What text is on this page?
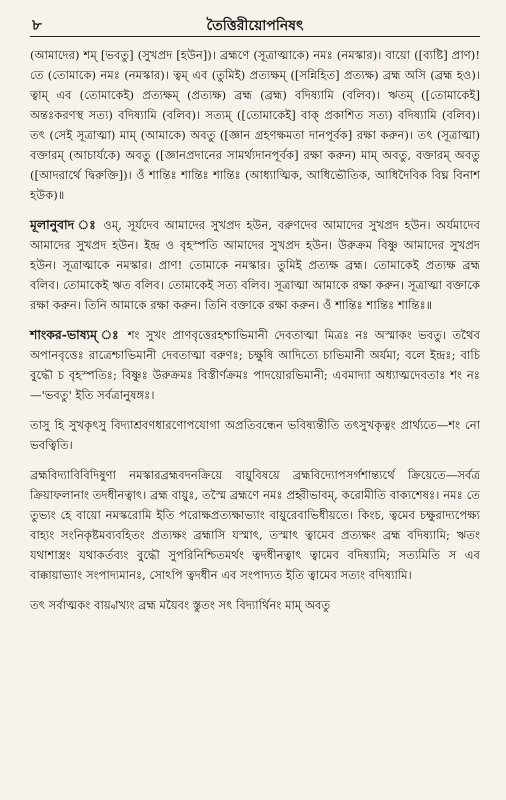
৮	তৈত্তিরীয়োপনিষৎ

(আমাদের) শম্ [ভবতু] (সুখপ্রদ [হউন])। ব্রহ্মণে (সূত্রাত্মাকে) নমঃ (নমস্কার)। বায়ো ([ব্যষ্টি] প্রাণ)! তে (তোমাকে) নমঃ (নমস্কার)। ত্বম্ এব (তুমিই) প্রত্যক্ষম্ ([সন্নিহিত] প্রত্যক্ষ) ব্রহ্ম অসি (ব্রহ্ম হও)। ত্বাম্ এব (তোমাকেই) প্রত্যক্ষম্ (প্রত্যক্ষ) ব্রহ্ম (ব্রহ্ম) বদিষ্যামি (বলিব)। ঋতম্ ([তোমাকেই] অন্তঃকরণস্থ সত্য) বদিষ্যামি (বলিব)। সত্যম্ ([তোমাকেই] বাক্ প্রকাশিত সত্য) বদিষ্যামি (বলিব)। তৎ (সেই সূত্রাত্মা) মাম্ (আমাকে) অবতু ([জ্ঞান গ্রহণক্ষমতা দানপূর্বক] রক্ষা করুন)। তৎ (সূত্রাত্মা) বক্তারম্ (আচার্যকে) অবতু ([জ্ঞানপ্রদানের সামর্থ্যদানপূর্বক] রক্ষা করুন) মাম্ অবতু, বক্তারম্ অবতু ([আদরার্থে দ্বিরুক্তি])। ওঁ শান্তিঃ শান্তিঃ শান্তিঃ (আধ্যাত্মিক, আধিভৌতিক, আধিদৈবিক বিঘ্ন বিনাশ হউক)॥

মূলানুবাদ ঃ ওম্, সূর্যদেব আমাদের সুখপ্রদ হউন, বরুণদেব আমাদের সুখপ্রদ হউন। অর্যমাদেব আমাদের সুখপ্রদ হউন। ইন্দ্র ও বৃহস্পতি আমাদের সুখপ্রদ হউন। উরুক্রম বিষ্ণু আমাদের সুখপ্রদ হউন। সূত্রাত্মাকে নমস্কার। প্রাণ! তোমাকে নমস্কার। তুমিই প্রত্যক্ষ ব্রহ্ম। তোমাকেই প্রত্যক্ষ ব্রহ্ম বলিব। তোমাকেই ঋত বলিব। তোমাকেই সত্য বলিব। সূত্রাত্মা আমাকে রক্ষা করুন। সূত্রাত্মা বক্তাকে রক্ষা করুন। তিনি আমাকে রক্ষা করুন। তিনি বক্তাকে রক্ষা করুন। ওঁ শান্তিঃ শান্তিঃ শান্তিঃ॥

শাংকর-ভাষ্যম্ ঃ শং সুখং প্রাণবৃত্তেরহশ্চাভিমানী দেবতাত্মা মিত্রঃ নঃ অস্মাকং ভবতু। তথৈব অপানবৃত্তেঃ রাত্রেশ্চাভিমানী দেবতাত্মা বরুণঃ; চক্ষুষি আদিত্যে চাভিমানী অর্যমা; বলে ইন্দ্রঃ; বাচি বুদ্ধৌ চ বৃহস্পতিঃ; বিষ্ণুঃ উরুক্রমঃ বিস্তীর্ণক্রমঃ পাদয়োরভিমানী; এবমাদ্যা অধ্যাত্মদেবতাঃ শং নঃ—'ভবতু' ইতি সর্বত্রানুষঙ্গঃ।

তাসু হি সুখকৃৎসু বিদ্যাশ্রবণধারণোপযোগা অপ্রতিবন্ধেন ভবিষ্যন্তীতি তৎসুখকৃত্বং প্রার্থ্যতে—শং নো ভবত্বিতি।

ব্রহ্মবিদ্যাবিবিদিষুণা নমস্কারব্রহ্মবদনক্রিয়ে বায়ুবিষয়ে ব্রহ্মবিদ্যোপসর্গশান্ত্যর্থে ক্রিয়েতে—সর্বত্র ক্রিয়াফলানাং তদধীনত্বাৎ। ব্রহ্ম বায়ুঃ, তস্মৈ ব্রহ্মণে নমঃ প্রহ্বীভাবম্, করোমীতি বাক্যশেষঃ। নমঃ তে তুভ্যং হে বায়ো নমস্করোমি ইতি পরোক্ষপ্রত্যক্ষাভ্যাং বায়ুরেবাভিধীয়তে। কিংচ, ত্বমেব চক্ষুরাদ্যপেক্ষ্য বাহ্যং সংনিকৃষ্টমব্যবহিতং প্রত্যক্ষং ব্রহ্মাসি যস্মাৎ, তস্মাৎ ত্বামেব প্রত্যক্ষং ব্রহ্ম বদিষ্যামি; ঋতং যথাশাস্ত্রং যথাকর্তব্যং বুদ্ধৌ সুপরিনিশ্চিতমর্থং ত্বদধীনত্বাৎ ত্বামেব বদিষ্যামি; সত্যমিতি স এব বাক্কায়াভ্যাং সংপাদ্যমানঃ, সোঽপি ত্বদধীন এব সংপাদ্যত ইতি ত্বামেব সত্যং বদিষ্যামি।

তৎ সর্বাত্মকং বায়্বাখ্যং ব্রহ্ম ময়ৈবং স্তুতং সৎ বিদ্যার্থিনং মাম্ অবতু
